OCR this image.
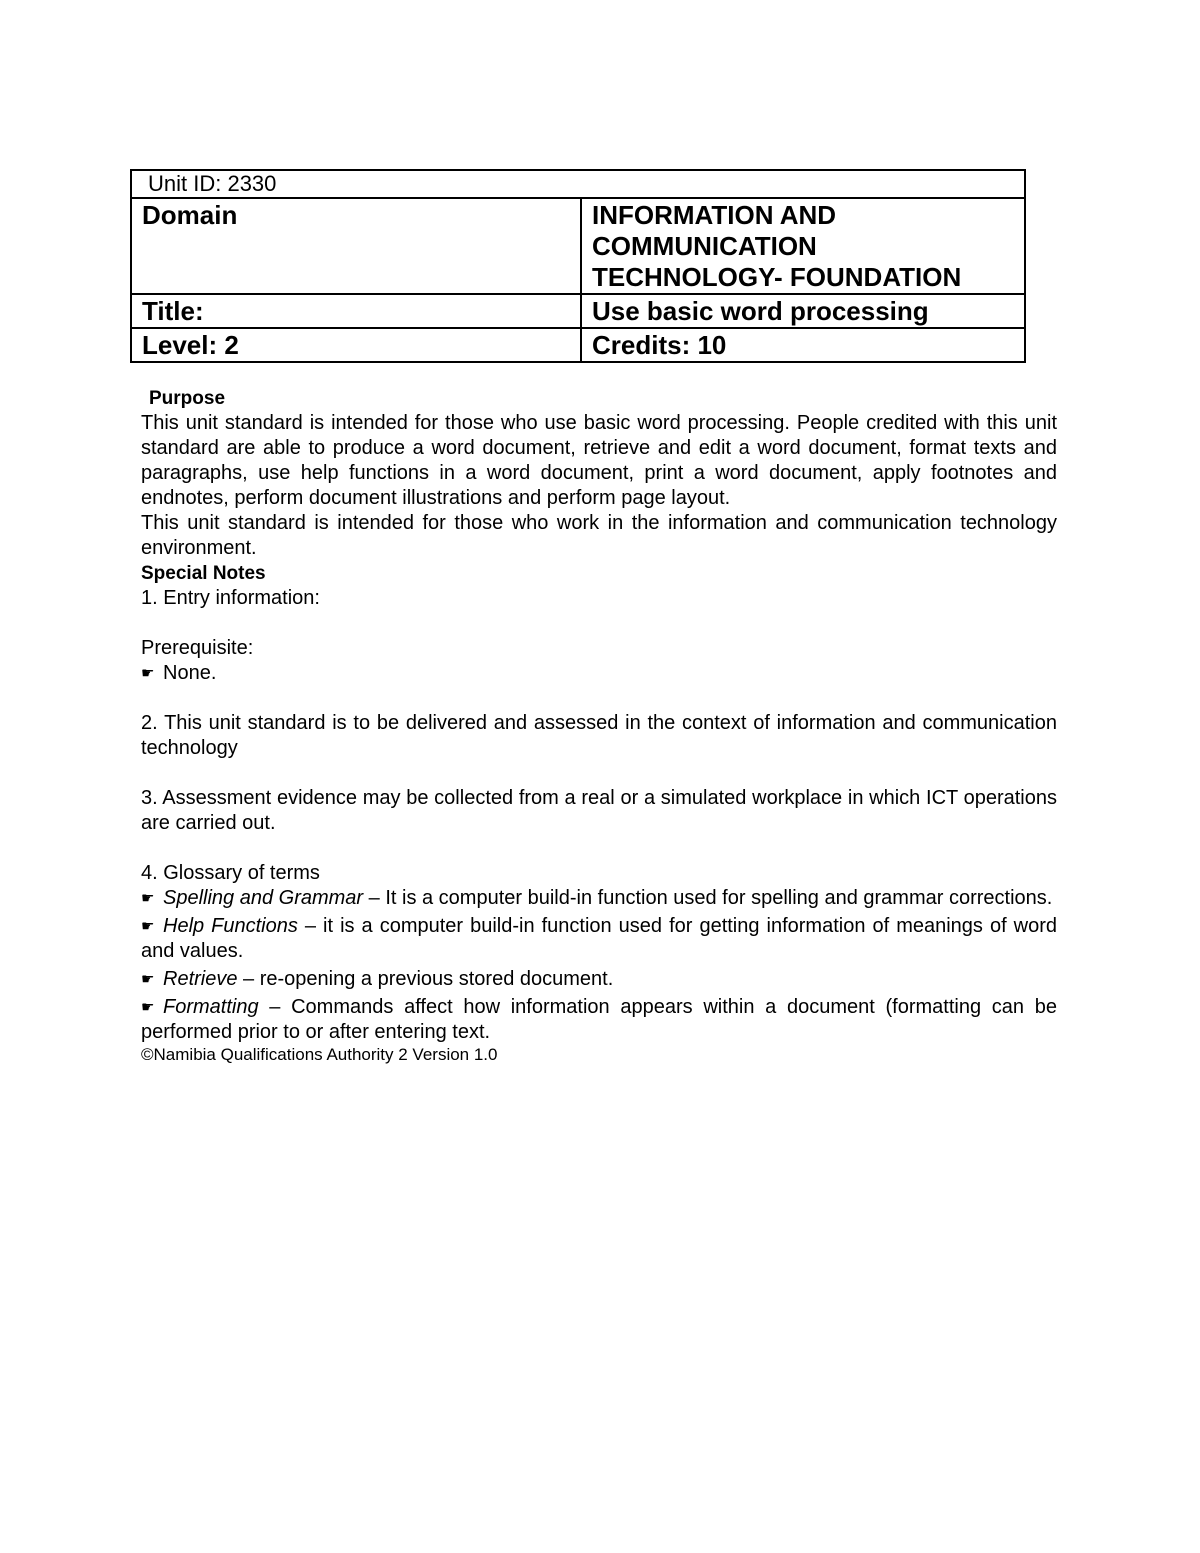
Unit ID: 2330	
Domain	INFORMATION AND
COMMUNICATION
TECHNOLOGY- FOUNDATION

Title:	Use basic word processing
Level: 2	Credits: 10

Purpose

This unit standard is intended for those who use basic word processing. People credited with this unit standard are able to produce a word document, retrieve and edit a word document, format texts and paragraphs, use help functions in a word document, print a word document, apply footnotes and endnotes, perform document illustrations and perform page layout.

This unit standard is intended for those who work in the information and communication technology environment.

Special Notes

1. Entry information:

Prerequisite:

☛ None.

2. This unit standard is to be delivered and assessed in the context of information and communication technology

3. Assessment evidence may be collected from a real or a simulated workplace in which ICT operations are carried out.

4. Glossary of terms

☛ Spelling and Grammar – It is a computer build-in function used for spelling and grammar corrections.

☛ Help Functions – it is a computer build-in function used for getting information of meanings of word and values.

☛ Retrieve – re-opening a previous stored document.

☛ Formatting – Commands affect how information appears within a document (formatting can be performed prior to or after entering text.

©Namibia Qualifications Authority 2 Version 1.0
